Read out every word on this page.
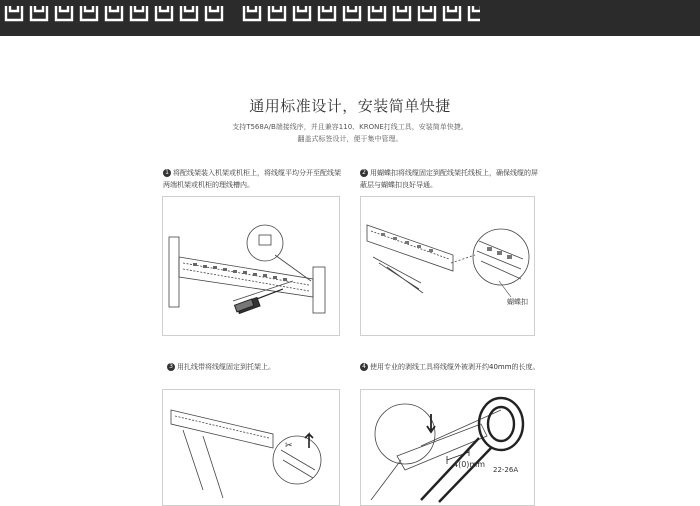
通用标准设计，安装简单快捷
支持T568A/B端接线序，并且兼容110、KRONE打线工具，安装简单快捷。
翻盖式标签设计，便于集中管理。
1 将配线架装入机架或机柜上，将线缆平均分开至配线架两端机架或机柜的理线槽内。
2 用蝴蝶扣将线缆固定到配线架托线板上，确保线缆的屏蔽层与蝴蝶扣良好导通。
蝴蝶扣
3 用扎线带将线缆固定到托架上。	4 使用专业的剥线工具将线缆外被剥开约40mm的长度。
✂
4(0)mm
22-26A
